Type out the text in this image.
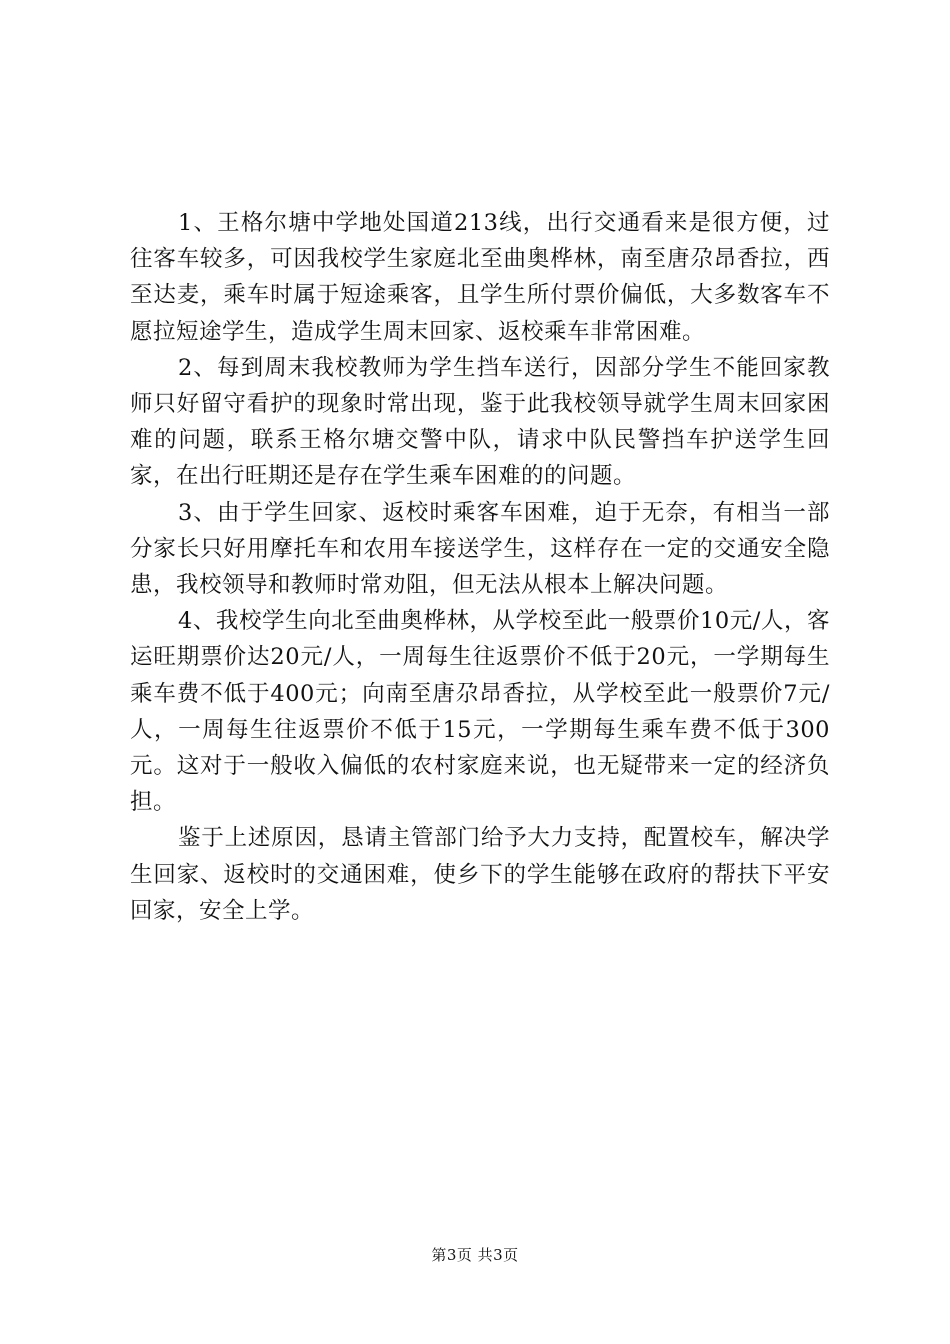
1、王格尔塘中学地处国道213线，出行交通看来是很方便，过往客车较多，可因我校学生家庭北至曲奥桦林，南至唐尕昂香拉，西至达麦，乘车时属于短途乘客，且学生所付票价偏低，大多数客车不愿拉短途学生，造成学生周末回家、返校乘车非常困难。

2、每到周末我校教师为学生挡车送行，因部分学生不能回家教师只好留守看护的现象时常出现，鉴于此我校领导就学生周末回家困难的问题，联系王格尔塘交警中队，请求中队民警挡车护送学生回家，在出行旺期还是存在学生乘车困难的的问题。

3、由于学生回家、返校时乘客车困难，迫于无奈，有相当一部分家长只好用摩托车和农用车接送学生，这样存在一定的交通安全隐患，我校领导和教师时常劝阻，但无法从根本上解决问题。

4、我校学生向北至曲奥桦林，从学校至此一般票价10元/人，客运旺期票价达20元/人，一周每生往返票价不低于20元，一学期每生乘车费不低于400元；向南至唐尕昂香拉，从学校至此一般票价7元/人，一周每生往返票价不低于15元，一学期每生乘车费不低于300元。这对于一般收入偏低的农村家庭来说，也无疑带来一定的经济负担。

鉴于上述原因，恳请主管部门给予大力支持，配置校车，解决学生回家、返校时的交通困难，使乡下的学生能够在政府的帮扶下平安回家，安全上学。

第3页 共3页
